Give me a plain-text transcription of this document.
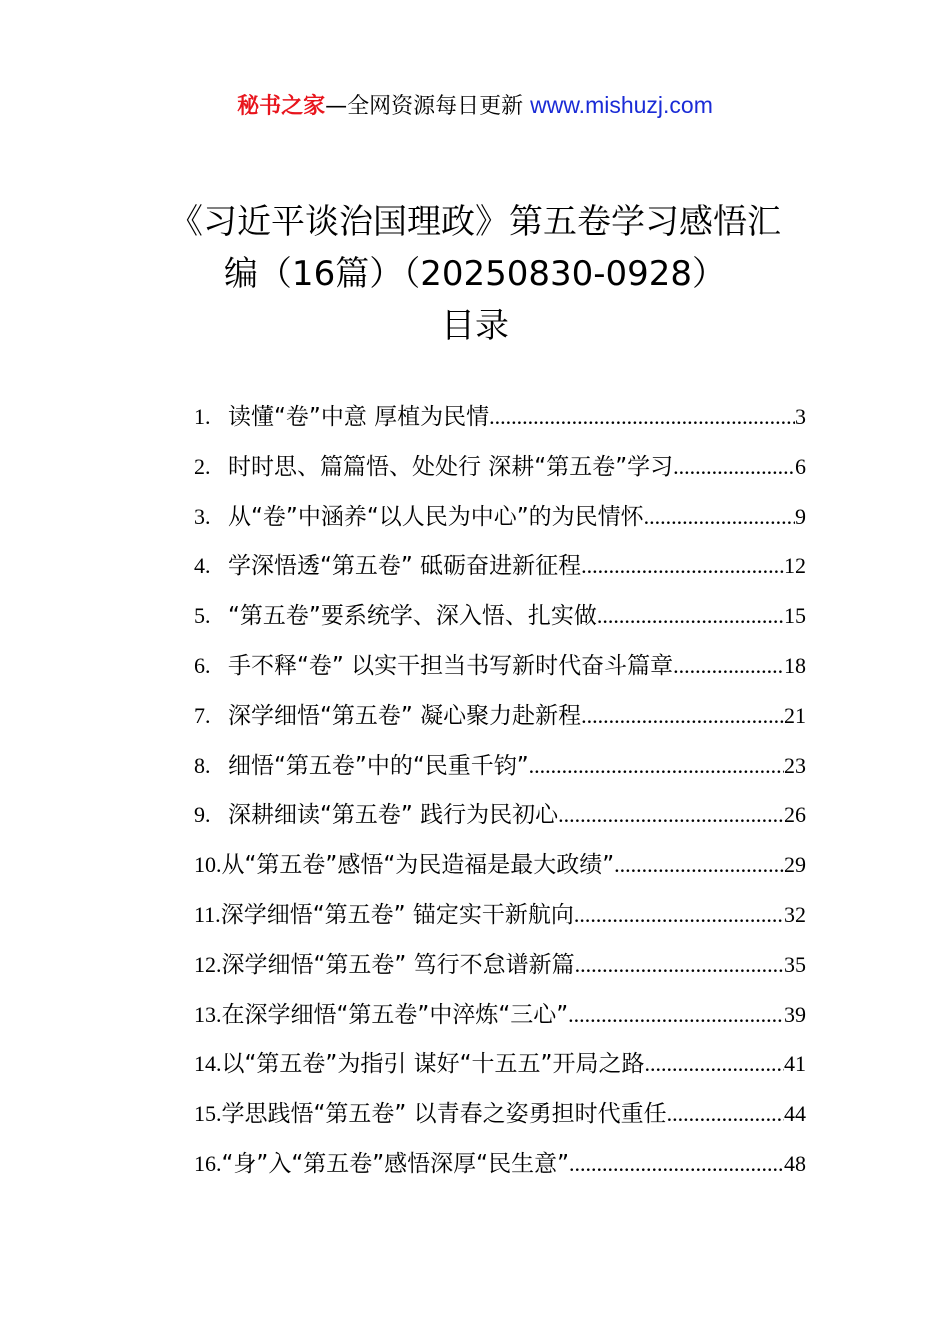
秘书之家—全网资源每日更新 www.mishuzj.com
《习近平谈治国理政》第五卷学习感悟汇
编（16篇）（20250830-0928）
目录
1. 读懂“卷”中意 厚植为民情 .....	3
2. 时时思、篇篇悟、处处行 深耕“第五卷”学习 .....	6
3. 从“卷”中涵养“以人民为中心”的为民情怀 .....	9
4. 学深悟透“第五卷” 砥砺奋进新征程 .....	12
5. “第五卷”要系统学、深入悟、扎实做 .....	15
6. 手不释“卷” 以实干担当书写新时代奋斗篇章 .....	18
7. 深学细悟“第五卷” 凝心聚力赴新程 .....	21
8. 细悟“第五卷”中的“民重千钧” .....	23
9. 深耕细读“第五卷” 践行为民初心 .....	26
10. 从“第五卷”感悟“为民造福是最大政绩” .....	29
11. 深学细悟“第五卷” 锚定实干新航向 .....	32
12. 深学细悟“第五卷” 笃行不怠谱新篇 .....	35
13. 在深学细悟“第五卷”中淬炼“三心” .....	39
14. 以“第五卷”为指引 谋好“十五五”开局之路 .....	41
15. 学思践悟“第五卷” 以青春之姿勇担时代重任 .....	44
16. “身”入“第五卷”感悟深厚“民生意” .....	48
